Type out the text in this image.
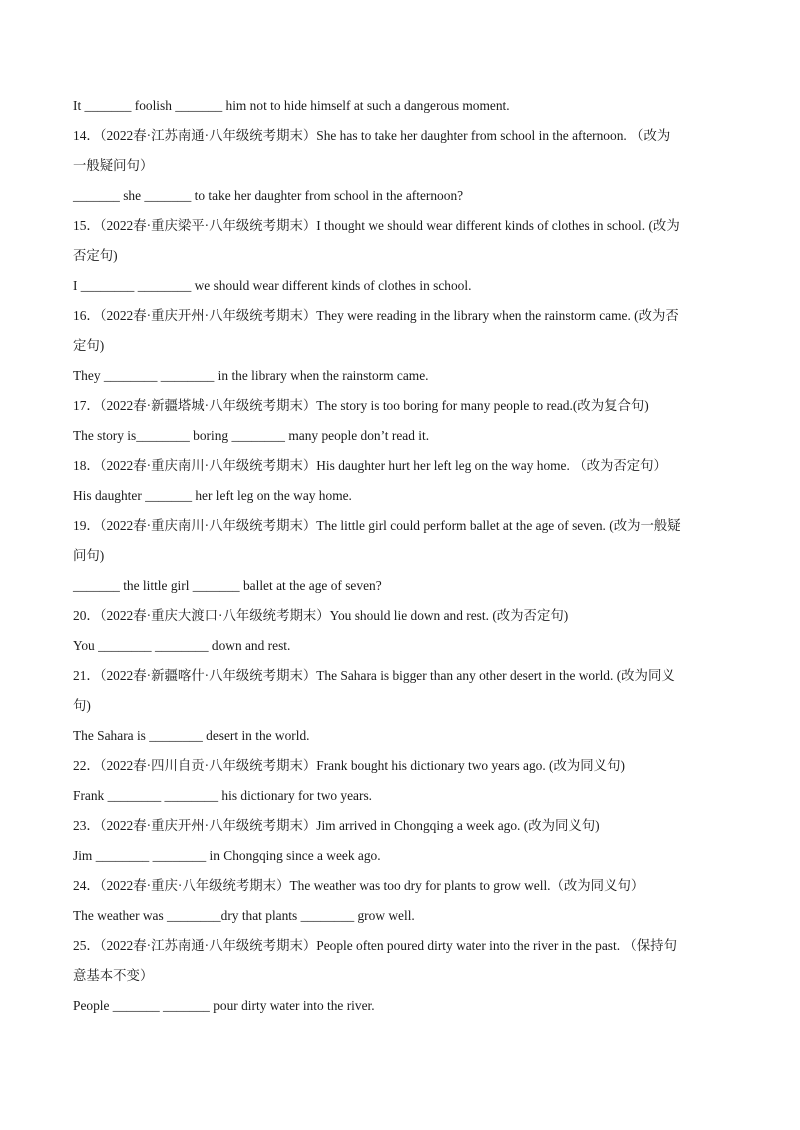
It _______ foolish _______ him not to hide himself at such a dangerous moment.
14．（2022春·江苏南通·八年级统考期末）She has to take her daughter from school in the afternoon. （改为
一般疑问句）
_______ she _______ to take her daughter from school in the afternoon?
15．（2022春·重庆梁平·八年级统考期末）I thought we should wear different kinds of clothes in school. (改为
否定句)
I ________ ________ we should wear different kinds of clothes in school.
16．（2022春·重庆开州·八年级统考期末）They were reading in the library when the rainstorm came. (改为否
定句)
They ________ ________ in the library when the rainstorm came.
17．（2022春·新疆塔城·八年级统考期末）The story is too boring for many people to read.(改为复合句)
The story is________ boring ________ many people don’t read it.
18．（2022春·重庆南川·八年级统考期末）His daughter hurt her left leg on the way home. （改为否定句）
His daughter _______ her left leg on the way home.
19．（2022春·重庆南川·八年级统考期末）The little girl could perform ballet at the age of seven. (改为一般疑
问句)
_______ the little girl _______ ballet at the age of seven?
20．（2022春·重庆大渡口·八年级统考期末）You should lie down and rest. (改为否定句)
You ________ ________ down and rest.
21．（2022春·新疆喀什·八年级统考期末）The Sahara is bigger than any other desert in the world. (改为同义
句)
The Sahara is ________ desert in the world.
22．（2022春·四川自贡·八年级统考期末）Frank bought his dictionary two years ago. (改为同义句)
Frank ________ ________ his dictionary for two years.
23．（2022春·重庆开州·八年级统考期末）Jim arrived in Chongqing a week ago. (改为同义句)
Jim ________ ________ in Chongqing since a week ago.
24．（2022春·重庆·八年级统考期末）The weather was too dry for plants to grow well.（改为同义句）
The weather was ________dry that plants ________ grow well.
25．（2022春·江苏南通·八年级统考期末）People often poured dirty water into the river in the past. （保持句
意基本不变）
People _______ _______ pour dirty water into the river.
